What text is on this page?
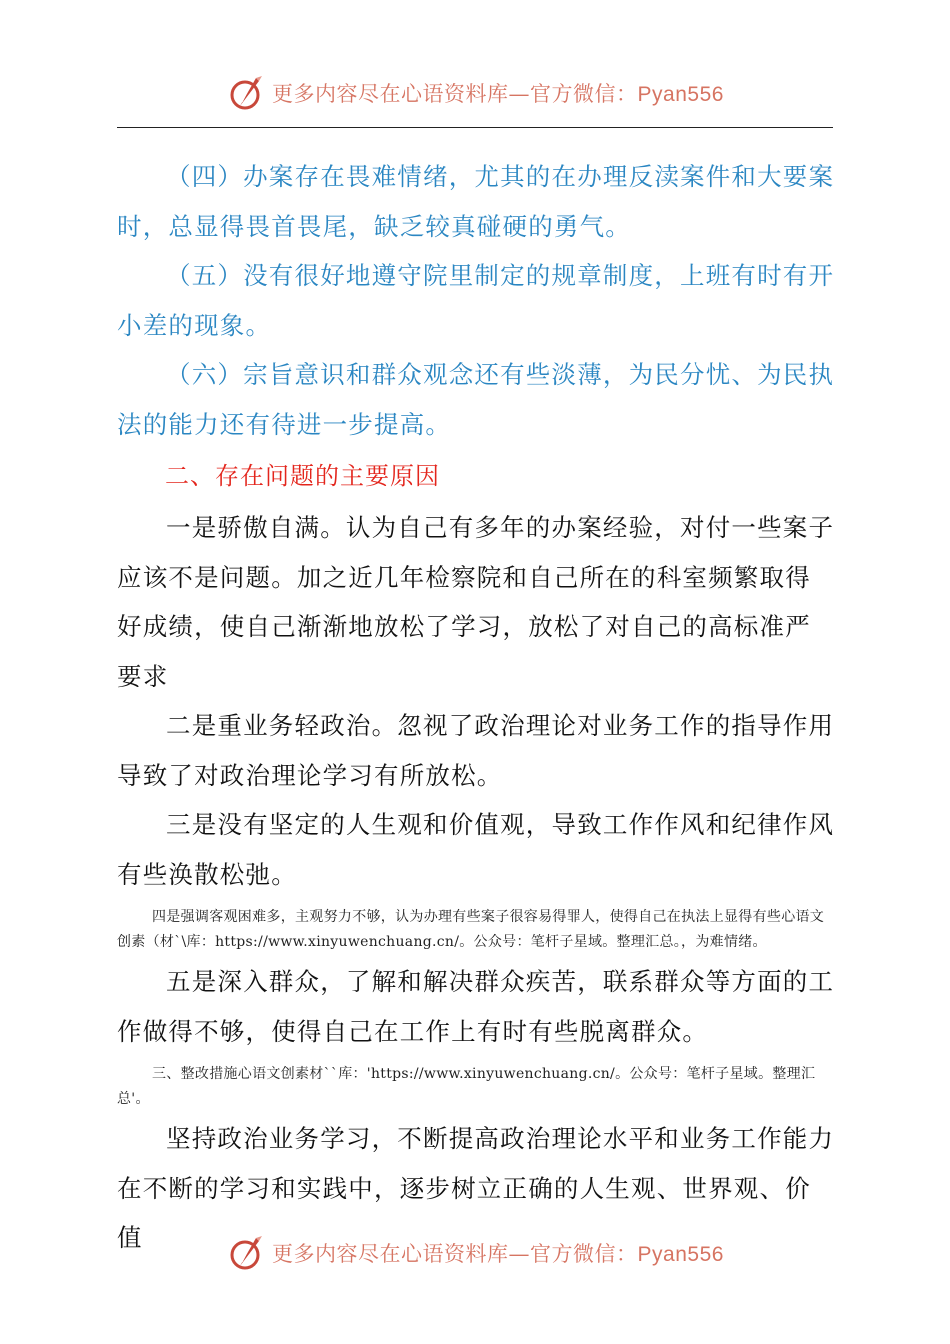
更多内容尽在心语资料库—官方微信：Pyan556

（四）办案存在畏难情绪，尤其的在办理反渎案件和大要案时，总显得畏首畏尾，缺乏较真碰硬的勇气。

（五）没有很好地遵守院里制定的规章制度，上班有时有开小差的现象。

（六）宗旨意识和群众观念还有些淡薄，为民分忧、为民执法的能力还有待进一步提高。

二、存在问题的主要原因

一是骄傲自满。认为自己有多年的办案经验，对付一些案子应该不是问题。加之近几年检察院和自己所在的科室频繁取得好成绩，使自己渐渐地放松了学习，放松了对自己的高标准严要求

二是重业务轻政治。忽视了政治理论对业务工作的指导作用导致了对政治理论学习有所放松。

三是没有坚定的人生观和价值观，导致工作作风和纪律作风有些涣散松弛。

四是强调客观困难多，主观努力不够，认为办理有些案子很容易得罪人，使得自己在执法上显得有些心语文创素（材`\库：https://www.xinyuwenchuang.cn/。公众号：笔杆子星域。整理汇总。，为难情绪。

五是深入群众，了解和解决群众疾苦，联系群众等方面的工作做得不够，使得自己在工作上有时有些脱离群众。

三、整改措施心语文创素材``库：'https://www.xinyuwenchuang.cn/。公众号：笔杆子星域。整理汇总'。

坚持政治业务学习，不断提高政治理论水平和业务工作能力在不断的学习和实践中，逐步树立正确的人生观、世界观、价值

更多内容尽在心语资料库—官方微信：Pyan556
